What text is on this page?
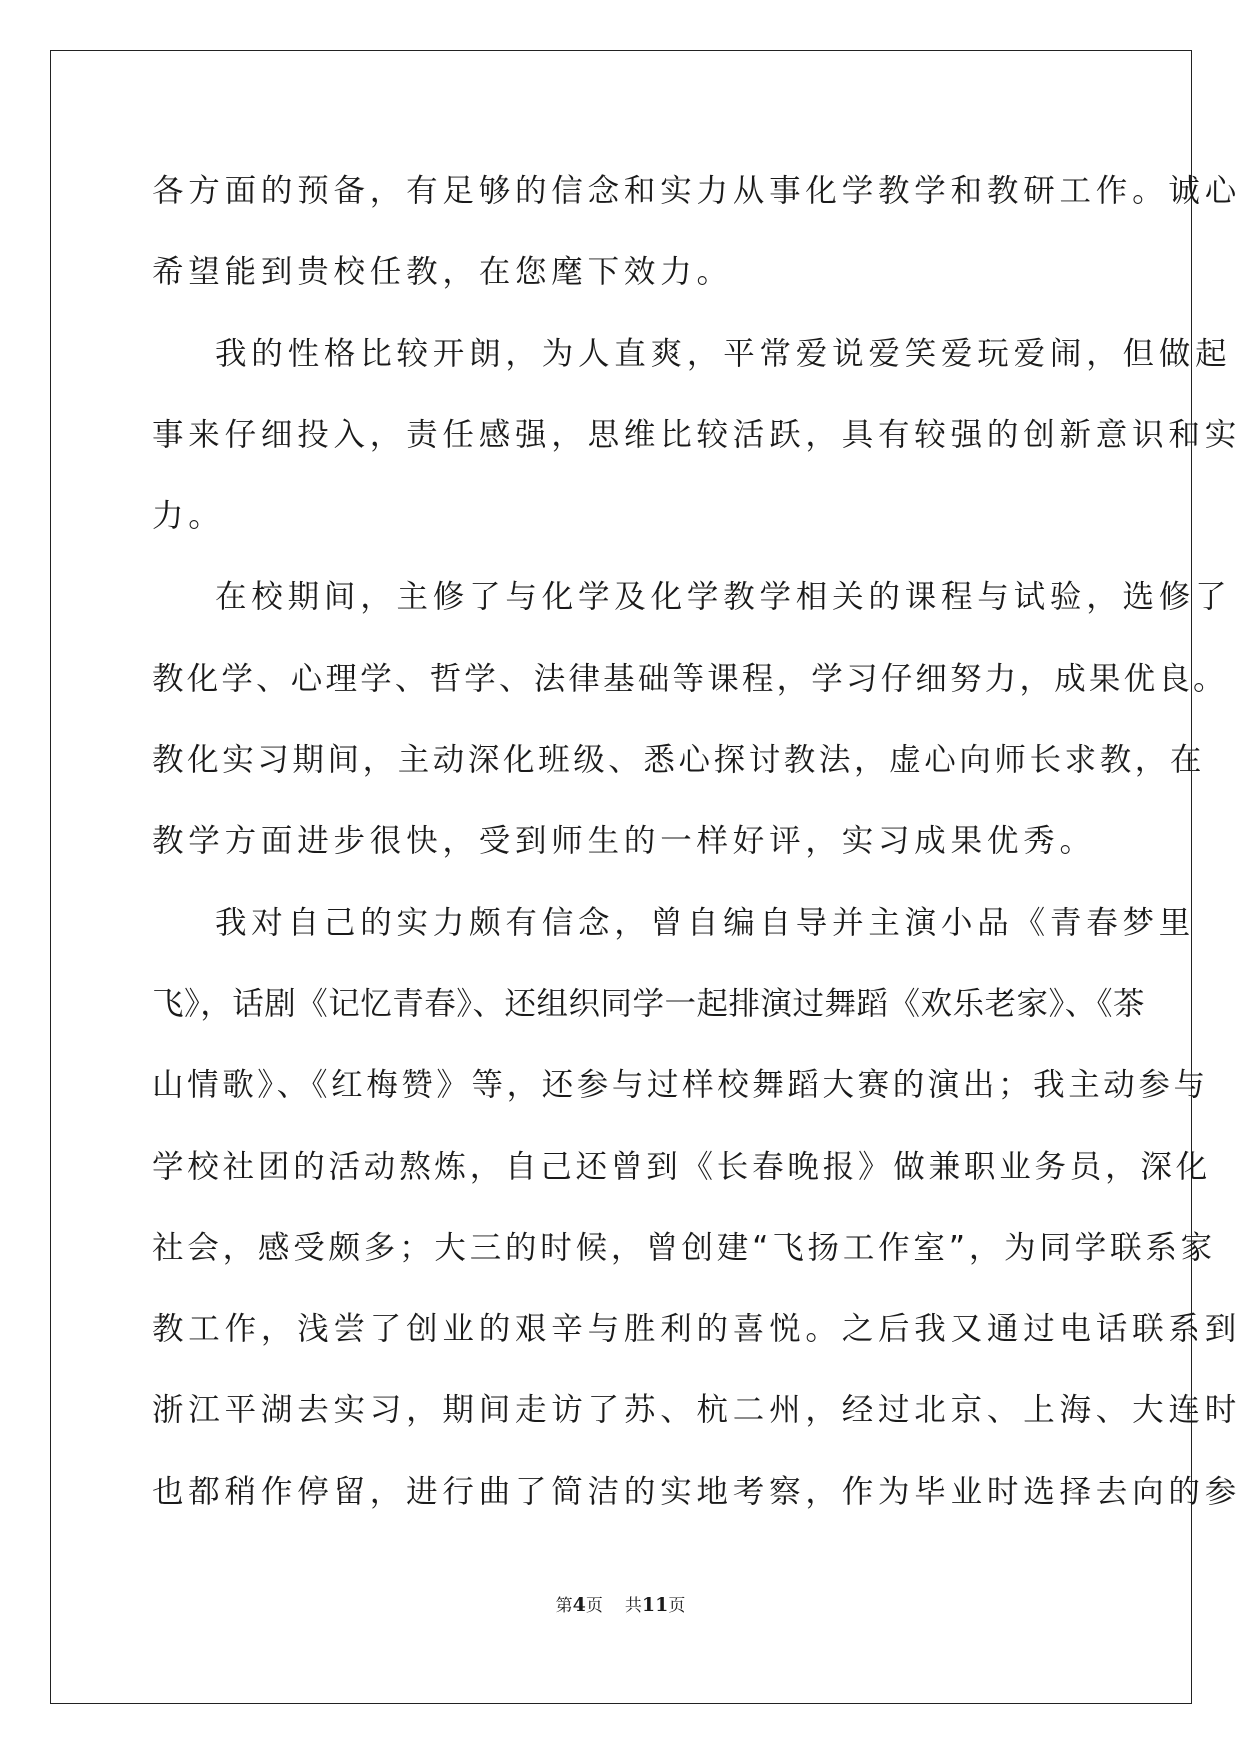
各方面的预备，有足够的信念和实力从事化学教学和教研工作。诚心
希望能到贵校任教，在您麾下效力。
我的性格比较开朗，为人直爽，平常爱说爱笑爱玩爱闹，但做起
事来仔细投入，责任感强，思维比较活跃，具有较强的创新意识和实
力。
在校期间，主修了与化学及化学教学相关的课程与试验，选修了
教化学、心理学、哲学、法律基础等课程，学习仔细努力，成果优良。
教化实习期间，主动深化班级、悉心探讨教法，虚心向师长求教，在
教学方面进步很快，受到师生的一样好评，实习成果优秀。
我对自己的实力颇有信念，曾自编自导并主演小品《青春梦里
飞》，话剧《记忆青春》、还组织同学一起排演过舞蹈《欢乐老家》、《茶
山情歌》、《红梅赞》等，还参与过样校舞蹈大赛的演出；我主动参与
学校社团的活动熬炼，自己还曾到《长春晚报》做兼职业务员，深化
社会，感受颇多；大三的时候，曾创建“飞扬工作室”，为同学联系家
教工作，浅尝了创业的艰辛与胜利的喜悦。之后我又通过电话联系到
浙江平湖去实习，期间走访了苏、杭二州，经过北京、上海、大连时
也都稍作停留，进行曲了简洁的实地考察，作为毕业时选择去向的参
第4页 共11页
